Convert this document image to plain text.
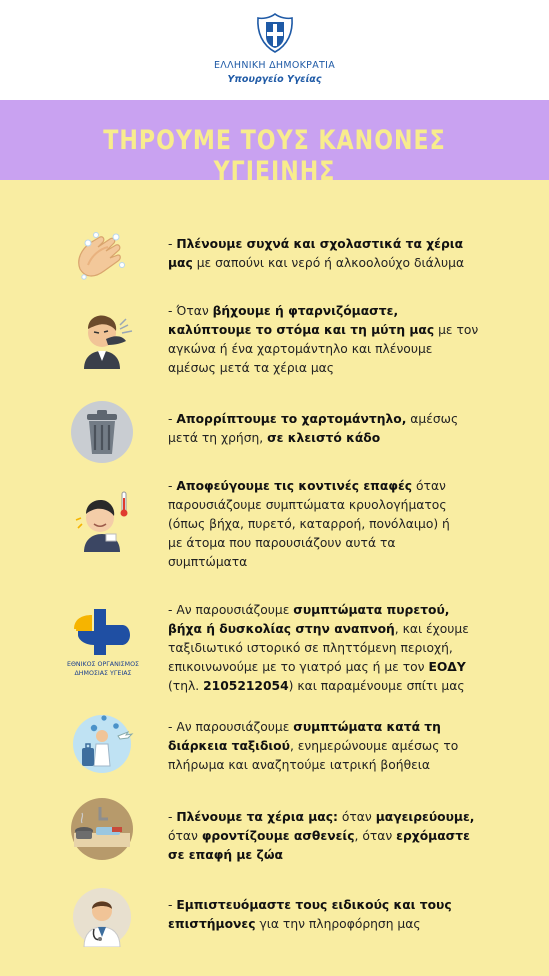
ΕΛΛΗΝΙΚΗ ΔΗΜΟΚΡΑΤΙΑ
Υπουργείο Υγείας
ΤΗΡΟΥΜΕ ΤΟΥΣ ΚΑΝΟΝΕΣ ΥΓΙΕΙΝΗΣ
- Πλένουμε συχνά και σχολαστικά τα χέρια
μας με σαπούνι και νερό ή αλκοολούχο διάλυμα
- Όταν βήχουμε ή φταρνιζόμαστε,
καλύπτουμε το στόμα και τη μύτη μας με τον
αγκώνα ή ένα χαρτομάντηλο και πλένουμε
αμέσως μετά τα χέρια μας
- Απορρίπτουμε το χαρτομάντηλο, αμέσως
μετά τη χρήση, σε κλειστό κάδο
- Αποφεύγουμε τις κοντινές επαφές όταν
παρουσιάζουμε συμπτώματα κρυολογήματος
(όπως βήχα, πυρετό, καταρροή, πονόλαιμο) ή
με άτομα που παρουσιάζουν αυτά τα
συμπτώματα
ΕΘΝΙΚΟΣ ΟΡΓΑΝΙΣΜΟΣ
ΔΗΜΟΣΙΑΣ ΥΓΕΙΑΣ
- Αν παρουσιάζουμε συμπτώματα πυρετού,
βήχα ή δυσκολίας στην αναπνοή, και έχουμε
ταξιδιωτικό ιστορικό σε πληττόμενη περιοχή,
επικοινωνούμε με το γιατρό μας ή με τον ΕΟΔΥ
(τηλ. 2105212054) και παραμένουμε σπίτι μας
- Αν παρουσιάζουμε συμπτώματα κατά τη
διάρκεια ταξιδιού, ενημερώνουμε αμέσως το
πλήρωμα και αναζητούμε ιατρική βοήθεια
- Πλένουμε τα χέρια μας: όταν μαγειρεύουμε,
όταν φροντίζουμε ασθενείς, όταν ερχόμαστε
σε επαφή με ζώα
- Εμπιστευόμαστε τους ειδικούς και τους
επιστήμονες για την πληροφόρηση μας
